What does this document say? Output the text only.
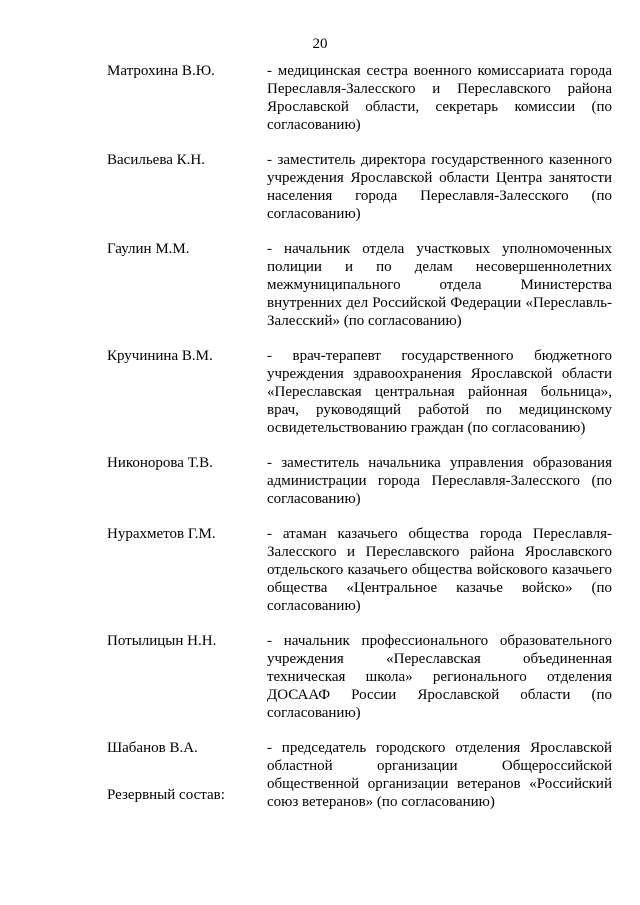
20
Матрохина В.Ю.	- медицинская сестра военного комиссариата города Переславля-Залесского и Переславского района Ярославской области, секретарь комиссии (по согласованию)
Васильева К.Н.	- заместитель директора государственного казенного учреждения Ярославской области Центра занятости населения города Переславля-Залесского (по согласованию)
Гаулин М.М.	- начальник отдела участковых уполномоченных полиции и по делам несовершеннолетних межмуниципального отдела Министерства внутренних дел Российской Федерации «Переславль-Залесский» (по согласованию)
Кручинина В.М.	- врач-терапевт государственного бюджетного учреждения здравоохранения Ярославской области «Переславская центральная районная больница», врач, руководящий работой по медицинскому освидетельствованию граждан (по согласованию)
Никонорова Т.В.	- заместитель начальника управления образования администрации города Переславля-Залесского (по согласованию)
Нурахметов Г.М.	- атаман казачьего общества города Переславля-Залесского и Переславского района Ярославского отдельского казачьего общества войскового казачьего общества «Центральное казачье войско» (по согласованию)
Потылицын Н.Н.	- начальник профессионального образовательного учреждения «Переславская объединенная техническая школа» регионального отделения ДОСААФ России Ярославской области (по согласованию)
Шабанов В.А.	- председатель городского отделения Ярославской областной организации Общероссийской общественной организации ветеранов «Российский союз ветеранов» (по согласованию)
Резервный состав:
